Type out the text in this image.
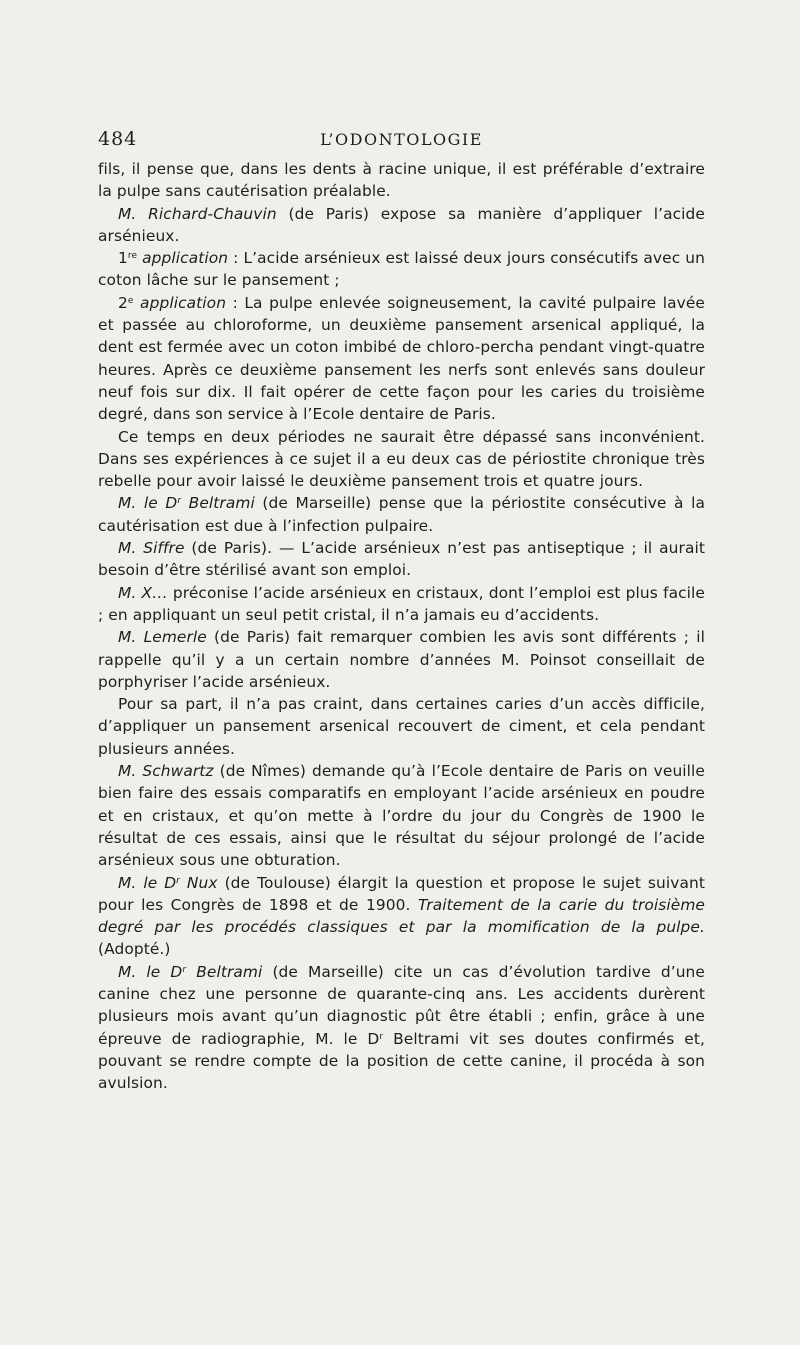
484	L’ODONTOLOGIE

fils, il pense que, dans les dents à racine unique, il est préférable d’extraire la pulpe sans cautérisation préalable.

M. Richard-Chauvin (de Paris) expose sa manière d’appliquer l’acide arsénieux.

1re application : L’acide arsénieux est laissé deux jours consécutifs avec un coton lâche sur le pansement ;

2e application : La pulpe enlevée soigneusement, la cavité pulpaire lavée et passée au chloroforme, un deuxième pansement arsenical appliqué, la dent est fermée avec un coton imbibé de chloro-percha pendant vingt-quatre heures. Après ce deuxième pansement les nerfs sont enlevés sans douleur neuf fois sur dix. Il fait opérer de cette façon pour les caries du troisième degré, dans son service à l’Ecole dentaire de Paris.

Ce temps en deux périodes ne saurait être dépassé sans inconvénient. Dans ses expériences à ce sujet il a eu deux cas de périostite chronique très rebelle pour avoir laissé le deuxième pansement trois et quatre jours.

M. le $D^r$ Beltrami (de Marseille) pense que la périostite consécutive à la cautérisation est due à l’infection pulpaire.

M. Siffre (de Paris). — L’acide arsénieux n’est pas antiseptique ; il aurait besoin d’être stérilisé avant son emploi.

M. X… préconise l’acide arsénieux en cristaux, dont l’emploi est plus facile ; en appliquant un seul petit cristal, il n’a jamais eu d’accidents.

M. Lemerle (de Paris) fait remarquer combien les avis sont différents ; il rappelle qu’il y a un certain nombre d’années M. Poinsot conseillait de porphyriser l’acide arsénieux.

Pour sa part, il n’a pas craint, dans certaines caries d’un accès difficile, d’appliquer un pansement arsenical recouvert de ciment, et cela pendant plusieurs années.

M. Schwartz (de Nîmes) demande qu’à l’Ecole dentaire de Paris on veuille bien faire des essais comparatifs en employant l’acide arsénieux en poudre et en cristaux, et qu’on mette à l’ordre du jour du Congrès de 1900 le résultat de ces essais, ainsi que le résultat du séjour prolongé de l’acide arsénieux sous une obturation.

M. le $D^r$ Nux (de Toulouse) élargit la question et propose le sujet suivant pour les Congrès de 1898 et de 1900. Traitement de la carie du troisième degré par les procédés classiques et par la momification de la pulpe. (Adopté.)

M. le $D^r$ Beltrami (de Marseille) cite un cas d’évolution tardive d’une canine chez une personne de quarante-cinq ans. Les accidents durèrent plusieurs mois avant qu’un diagnostic pût être établi ; enfin, grâce à une épreuve de radiographie, M. le $D^r$ Beltrami vit ses doutes confirmés et, pouvant se rendre compte de la position de cette canine, il procéda à son avulsion.
